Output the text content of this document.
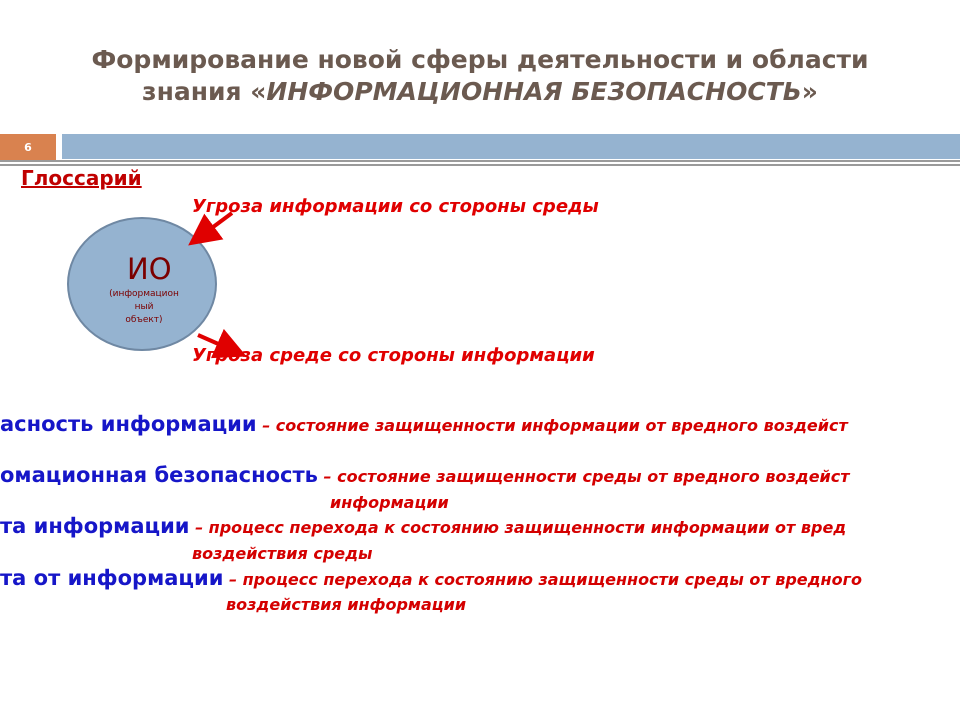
Формирование новой сферы деятельности и области
знания «ИНФОРМАЦИОННАЯ БЕЗОПАСНОСТЬ»
6
Глоссарий
Угроза информации со стороны среды
Угроза среде со стороны информации
ИО
(информацион
ный
объект)
асность информации – состояние защищенности информации от вредного воздейст
омационная безопасность – состояние защищенности среды от вредного воздейст
информации
та информации – процесс перехода к состоянию защищенности информации от вред
воздействия среды
та от информации – процесс перехода к состоянию защищенности среды от вредного
воздействия информации
